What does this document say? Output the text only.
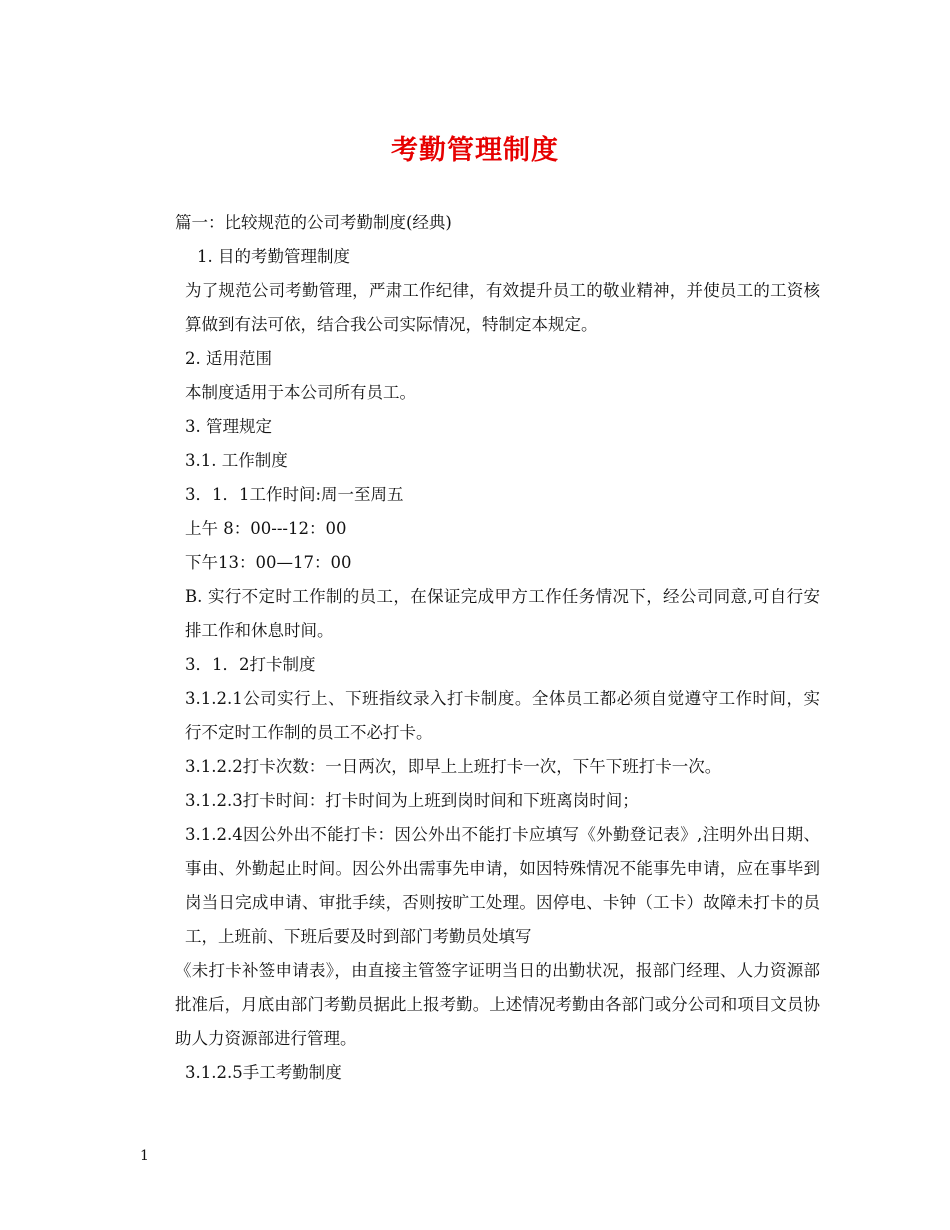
考勤管理制度

篇一：比较规范的公司考勤制度(经典)

1. 目的考勤管理制度

为了规范公司考勤管理，严肃工作纪律，有效提升员工的敬业精神，并使员工的工资核算做到有法可依，结合我公司实际情况，特制定本规定。

2. 适用范围

本制度适用于本公司所有员工。

3. 管理规定

3.1. 工作制度

3．1．1工作时间:周一至周五

上午 8：00---12：00

下午13：00—17：00

B. 实行不定时工作制的员工，在保证完成甲方工作任务情况下，经公司同意,可自行安排工作和休息时间。

3．1．2打卡制度

3.1.2.1公司实行上、下班指纹录入打卡制度。全体员工都必须自觉遵守工作时间，实行不定时工作制的员工不必打卡。

3.1.2.2打卡次数：一日两次，即早上上班打卡一次，下午下班打卡一次。

3.1.2.3打卡时间：打卡时间为上班到岗时间和下班离岗时间；

3.1.2.4因公外出不能打卡：因公外出不能打卡应填写《外勤登记表》,注明外出日期、事由、外勤起止时间。因公外出需事先申请，如因特殊情况不能事先申请，应在事毕到岗当日完成申请、审批手续，否则按旷工处理。因停电、卡钟（工卡）故障未打卡的员工，上班前、下班后要及时到部门考勤员处填写

《未打卡补签申请表》，由直接主管签字证明当日的出勤状况，报部门经理、人力资源部批准后，月底由部门考勤员据此上报考勤。上述情况考勤由各部门或分公司和项目文员协助人力资源部进行管理。

3.1.2.5手工考勤制度

1
